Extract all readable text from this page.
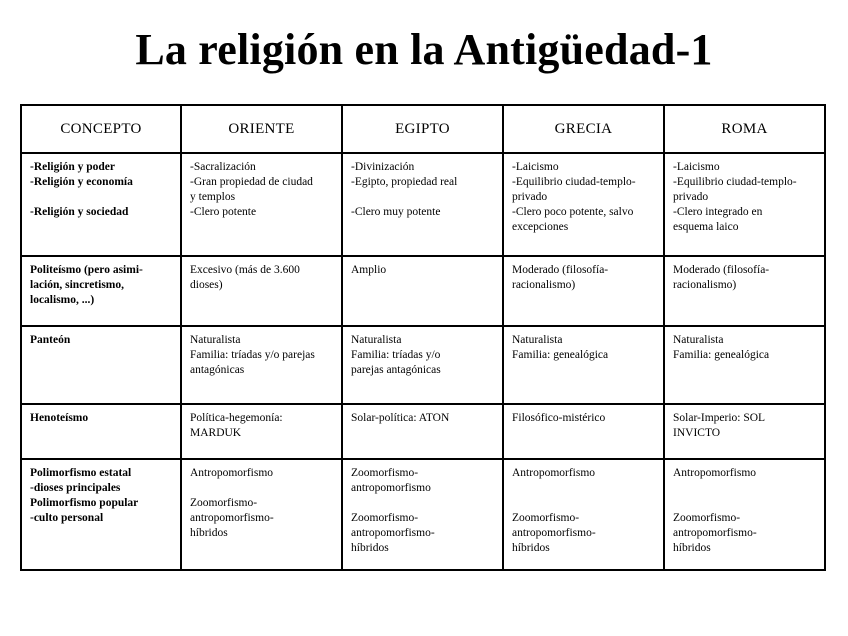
La religión en la Antigüedad-1
CONCEPTO	ORIENTE	EGIPTO	GRECIA	ROMA

-Religión y poder
-Religión y economía
-Religión y sociedad	-Sacralización
-Gran propiedad de ciudad
y templos
-Clero potente	-Divinización
-Egipto, propiedad real
-Clero muy potente	-Laicismo
-Equilibrio ciudad-templo-
privado
-Clero poco potente, salvo
excepciones	-Laicismo
-Equilibrio ciudad-templo-
privado
-Clero integrado en
esquema laico

Politeísmo (pero asimi-
lación, sincretismo,
localismo, ...)	Excesivo (más de 3.600
dioses)	Amplio	Moderado (filosofía-
racionalismo)	Moderado (filosofía-
racionalismo)

Panteón	Naturalista
Familia: tríadas y/o parejas
antagónicas	Naturalista
Familia: tríadas y/o
parejas antagónicas	Naturalista
Familia: genealógica	Naturalista
Familia: genealógica

Henoteísmo	Política-hegemonía:
MARDUK	Solar-política: ATON	Filosófico-mistérico	Solar-Imperio: SOL
INVICTO

Polimorfismo estatal
-dioses principales
Polimorfismo popular
-culto personal	Antropomorfismo
Zoomorfismo-
antropomorfismo-
híbridos	Zoomorfismo-
antropomorfismo
Zoomorfismo-
antropomorfismo-
híbridos	Antropomorfismo
Zoomorfismo-
antropomorfismo-
híbridos	Antropomorfismo
Zoomorfismo-
antropomorfismo-
híbridos
